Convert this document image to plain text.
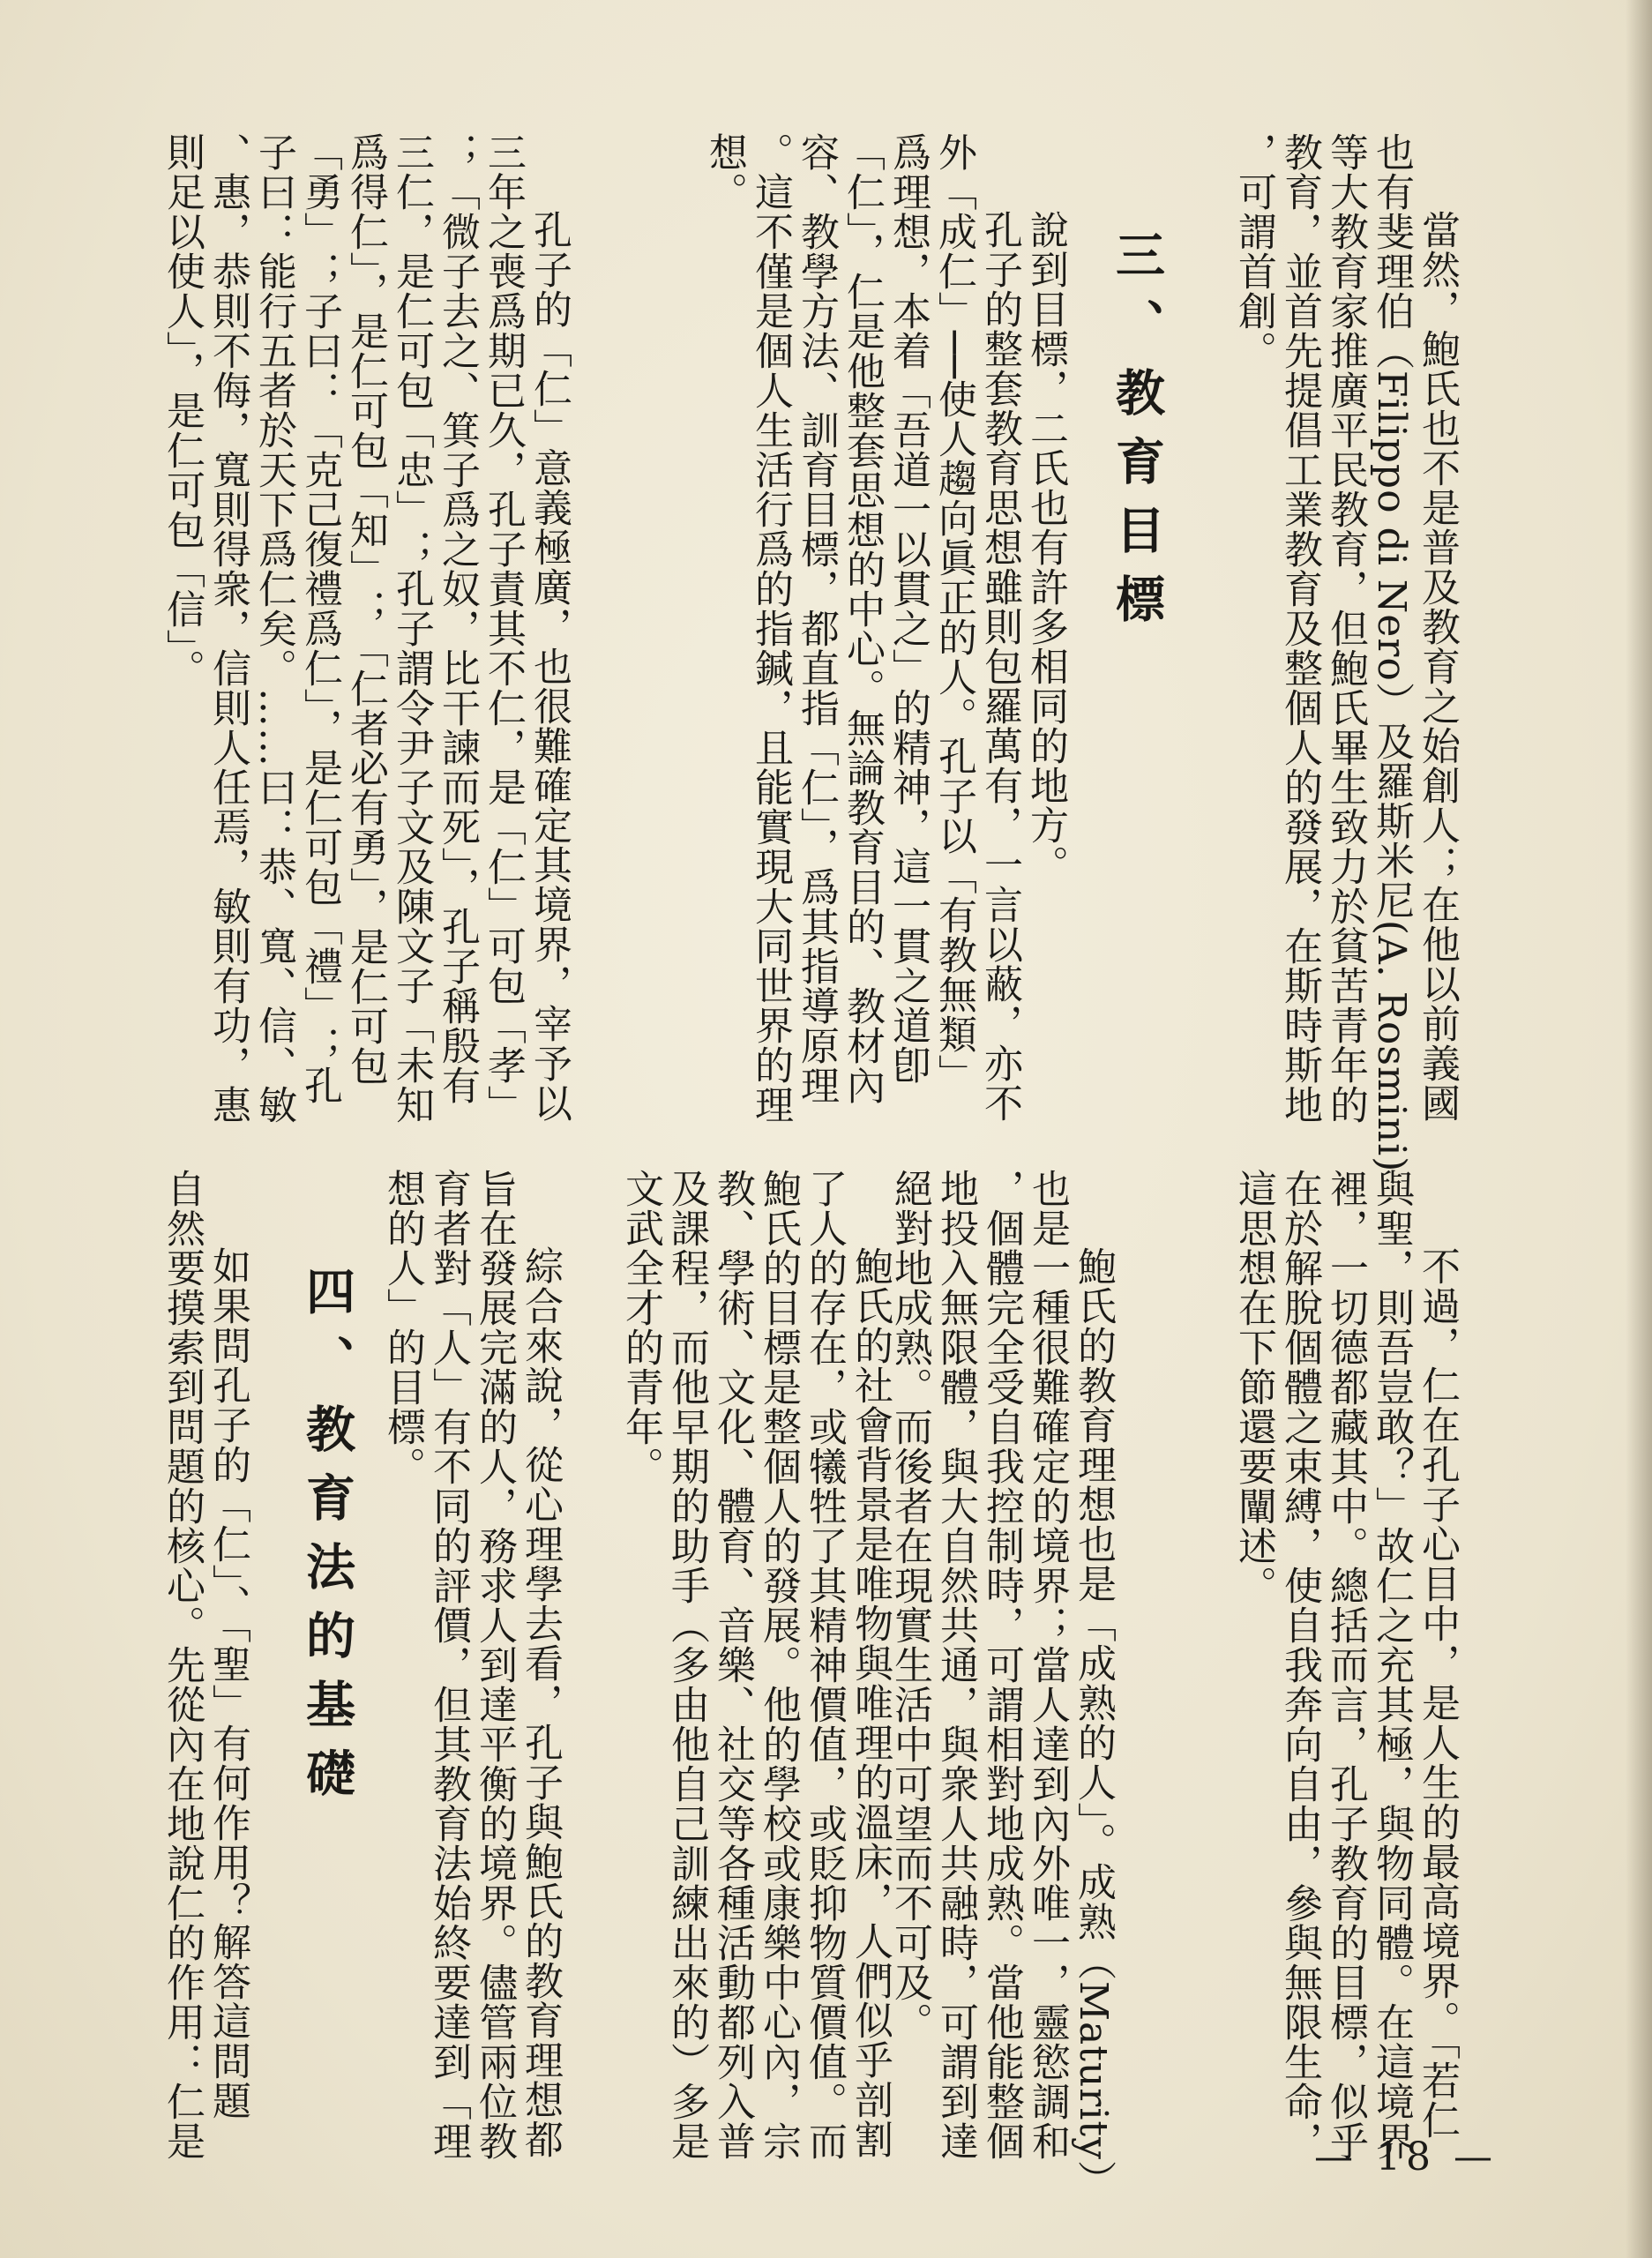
當然，鮑氏也不是普及教育之始創人；在他以前義國
也有斐理伯（Filippo di Nero）及羅斯米尼(A. Rosmini)
等大教育家推廣平民教育，但鮑氏畢生致力於貧苦青年的
教育，並首先提倡工業教育及整個人的發展，在斯時斯地
，可謂首創。
三、教育目標
說到目標，二氏也有許多相同的地方。
孔子的整套教育思想雖則包羅萬有，一言以蔽，亦不
外「成仁」──使人趨向眞正的人。孔子以「有教無類」
爲理想，本着「吾道一以貫之」的精神，這一貫之道卽
「仁」，仁是他整套思想的中心。無論教育目的、教材內
容、教學方法、訓育目標，都直指「仁」，爲其指導原理
。這不僅是個人生活行爲的指鍼，且能實現大同世界的理
想。
孔子的「仁」意義極廣，也很難確定其境界，宰予以
三年之喪爲期已久，孔子責其不仁，是「仁」可包「孝」
；「微子去之、箕子爲之奴，比干諫而死」，孔子稱殷有
三仁，是仁可包「忠」；孔子謂令尹子文及陳文子「未知
爲得仁」，是仁可包「知」；「仁者必有勇」，是仁可包
「勇」；子曰：「克己復禮爲仁」，是仁可包「禮」；孔
子曰：能行五者於天下爲仁矣。……曰：恭、寬、信、敏
、惠，恭則不侮，寬則得衆，信則人任焉，敏則有功，惠
則足以使人」，是仁可包「信」。
不過，仁在孔子心目中，是人生的最高境界。「若仁
與聖，則吾豈敢？」故仁之充其極，與物同體。在這境界
裡，一切德都藏其中。總括而言，孔子教育的目標，似乎
在於解脫個體之束縛，使自我奔向自由，參與無限生命，
這思想在下節還要闡述。
鮑氏的教育理想也是「成熟的人」。成熟（Maturity）
也是一種很難確定的境界；當人達到內外唯一，靈慾調和
，個體完全受自我控制時，可謂相對地成熟。當他能整個
地投入無限體，與大自然共通，與衆人共融時，可謂到達
絕對地成熟。而後者在現實生活中可望而不可及。
鮑氏的社會背景是唯物與唯理的溫床，人們似乎剖割
了人的存在，或犧牲了其精神價值，或貶抑物質價值。而
鮑氏的目標是整個人的發展。他的學校或康樂中心內，宗
教、學術、文化、體育、音樂、社交等各種活動都列入普
及課程，而他早期的助手（多由他自己訓練出來的）多是
文武全才的青年。
綜合來說，從心理學去看，孔子與鮑氏的教育理想都
旨在發展完滿的人，務求人到達平衡的境界。儘管兩位教
育者對「人」有不同的評價，但其教育法始終要達到「理
想的人」的目標。
四、教育法的基礎
如果問孔子的「仁」、「聖」有何作用？解答這問題
自然要摸索到問題的核心。先從內在地說仁的作用：仁是	— 18 —
